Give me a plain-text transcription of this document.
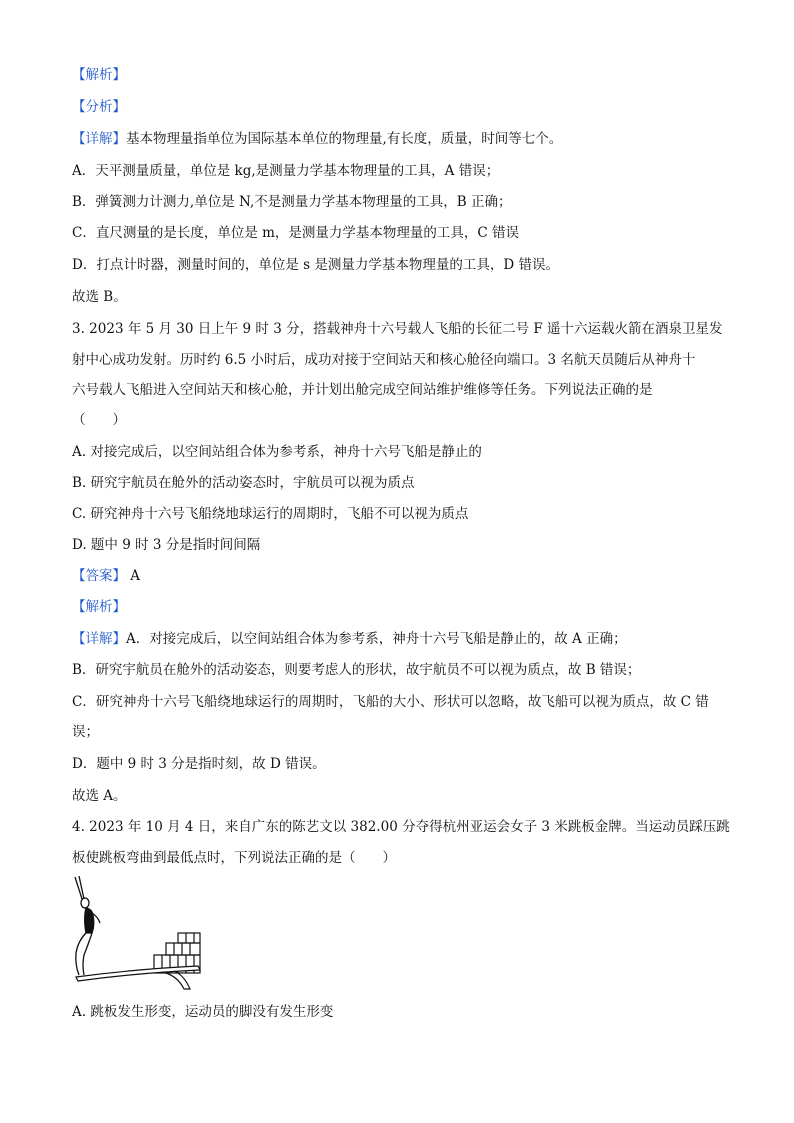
【解析】
【分析】
【详解】基本物理量指单位为国际基本单位的物理量,有长度，质量，时间等七个。
A．天平测量质量，单位是 kg,是测量力学基本物理量的工具，A 错误；
B．弹簧测力计测力,单位是 N,不是测量力学基本物理量的工具，B 正确；
C．直尺测量的是长度，单位是 m，是测量力学基本物理量的工具，C 错误
D．打点计时器，测量时间的，单位是 s 是测量力学基本物理量的工具，D 错误。
故选 B。
3. 2023 年 5 月 30 日上午 9 时 3 分，搭载神舟十六号载人飞船的长征二号 F 遥十六运载火箭在酒泉卫星发
射中心成功发射。历时约 6.5 小时后，成功对接于空间站天和核心舱径向端口。3 名航天员随后从神舟十
六号载人飞船进入空间站天和核心舱，并计划出舱完成空间站维护维修等任务。下列说法正确的是
（　　）
A. 对接完成后，以空间站组合体为参考系，神舟十六号飞船是静止的
B. 研究宇航员在舱外的活动姿态时，宇航员可以视为质点
C. 研究神舟十六号飞船绕地球运行的周期时，飞船不可以视为质点
D. 题中 9 时 3 分是指时间间隔
【答案】 A
【解析】
【详解】A．对接完成后，以空间站组合体为参考系，神舟十六号飞船是静止的，故 A 正确；
B．研究宇航员在舱外的活动姿态，则要考虑人的形状，故宇航员不可以视为质点，故 B 错误；
C．研究神舟十六号飞船绕地球运行的周期时，飞船的大小、形状可以忽略，故飞船可以视为质点，故 C 错
误；
D．题中 9 时 3 分是指时刻，故 D 错误。
故选 A。
4. 2023 年 10 月 4 日，来自广东的陈艺文以 382.00 分夺得杭州亚运会女子 3 米跳板金牌。当运动员踩压跳
板使跳板弯曲到最低点时，下列说法正确的是（　　）
A. 跳板发生形变，运动员的脚没有发生形变
